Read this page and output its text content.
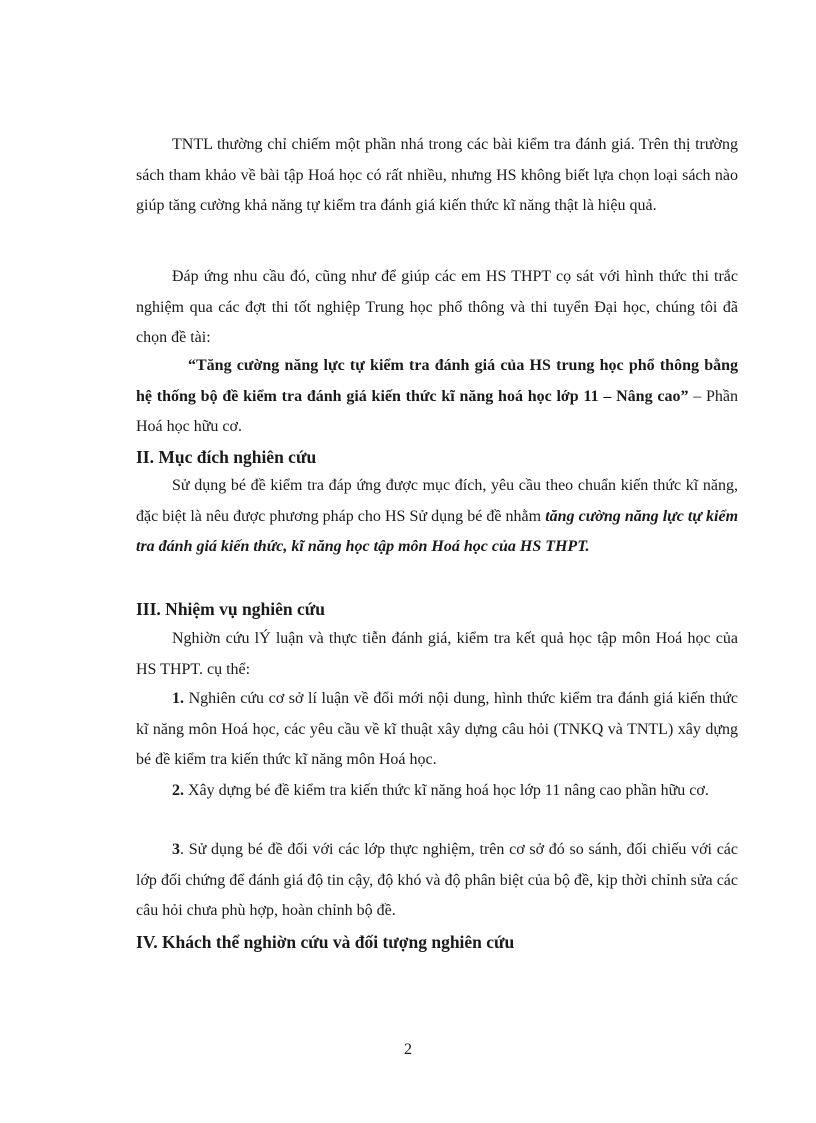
TNTL thường chỉ chiếm một phần nhá trong các bài kiểm tra đánh giá. Trên thị trường sách tham khảo về bài tập Hoá học có rất nhiều, nhưng HS không biết lựa chọn loại sách nào giúp tăng cường khả năng tự kiểm tra đánh giá kiến thức kĩ năng thật là hiệu quả.

Đáp ứng nhu cầu đó, cũng như để giúp các em HS THPT cọ sát với hình thức thi trắc nghiệm qua các đợt thi tốt nghiệp Trung học phổ thông và thi tuyển Đại học, chúng tôi đã chọn đề tài:

“Tăng cường năng lực tự kiểm tra đánh giá của HS trung học phổ thông bằng hệ thống bộ đề kiểm tra đánh giá kiến thức kĩ năng hoá học lớp 11 – Nâng cao” – Phần Hoá học hữu cơ.

II. Mục đích nghiên cứu

Sử dụng bé đề kiểm tra đáp ứng được mục đích, yêu cầu theo chuẩn kiến thức kĩ năng, đặc biệt là nêu được phương pháp cho HS Sử dụng bé đề nhằm tăng cường năng lực tự kiểm tra đánh giá kiến thức, kĩ năng học tập môn Hoá học của HS THPT.

III. Nhiệm vụ nghiên cứu

Nghiờn cứu lÝ luận và thực tiễn đánh giá, kiểm tra kết quả học tập môn Hoá học của HS THPT. cụ thể:

1. Nghiên cứu cơ sở lí luận về đổi mới nội dung, hình thức kiểm tra đánh giá kiến thức kĩ năng môn Hoá học, các yêu cầu về kĩ thuật xây dựng câu hỏi (TNKQ và TNTL) xây dựng bé đề kiểm tra kiến thức kĩ năng môn Hoá học.

2. Xây dựng bé đề kiểm tra kiến thức kĩ năng hoá học lớp 11 nâng cao phần hữu cơ.

3. Sử dụng bé đề đối với các lớp thực nghiệm, trên cơ sở đó so sánh, đối chiếu với các lớp đối chứng để đánh giá độ tin cậy, độ khó và độ phân biệt của bộ đề, kịp thời chỉnh sửa các câu hỏi chưa phù hợp, hoàn chỉnh bộ đề.

IV. Khách thể nghiờn cứu và đối tượng nghiên cứu
2
